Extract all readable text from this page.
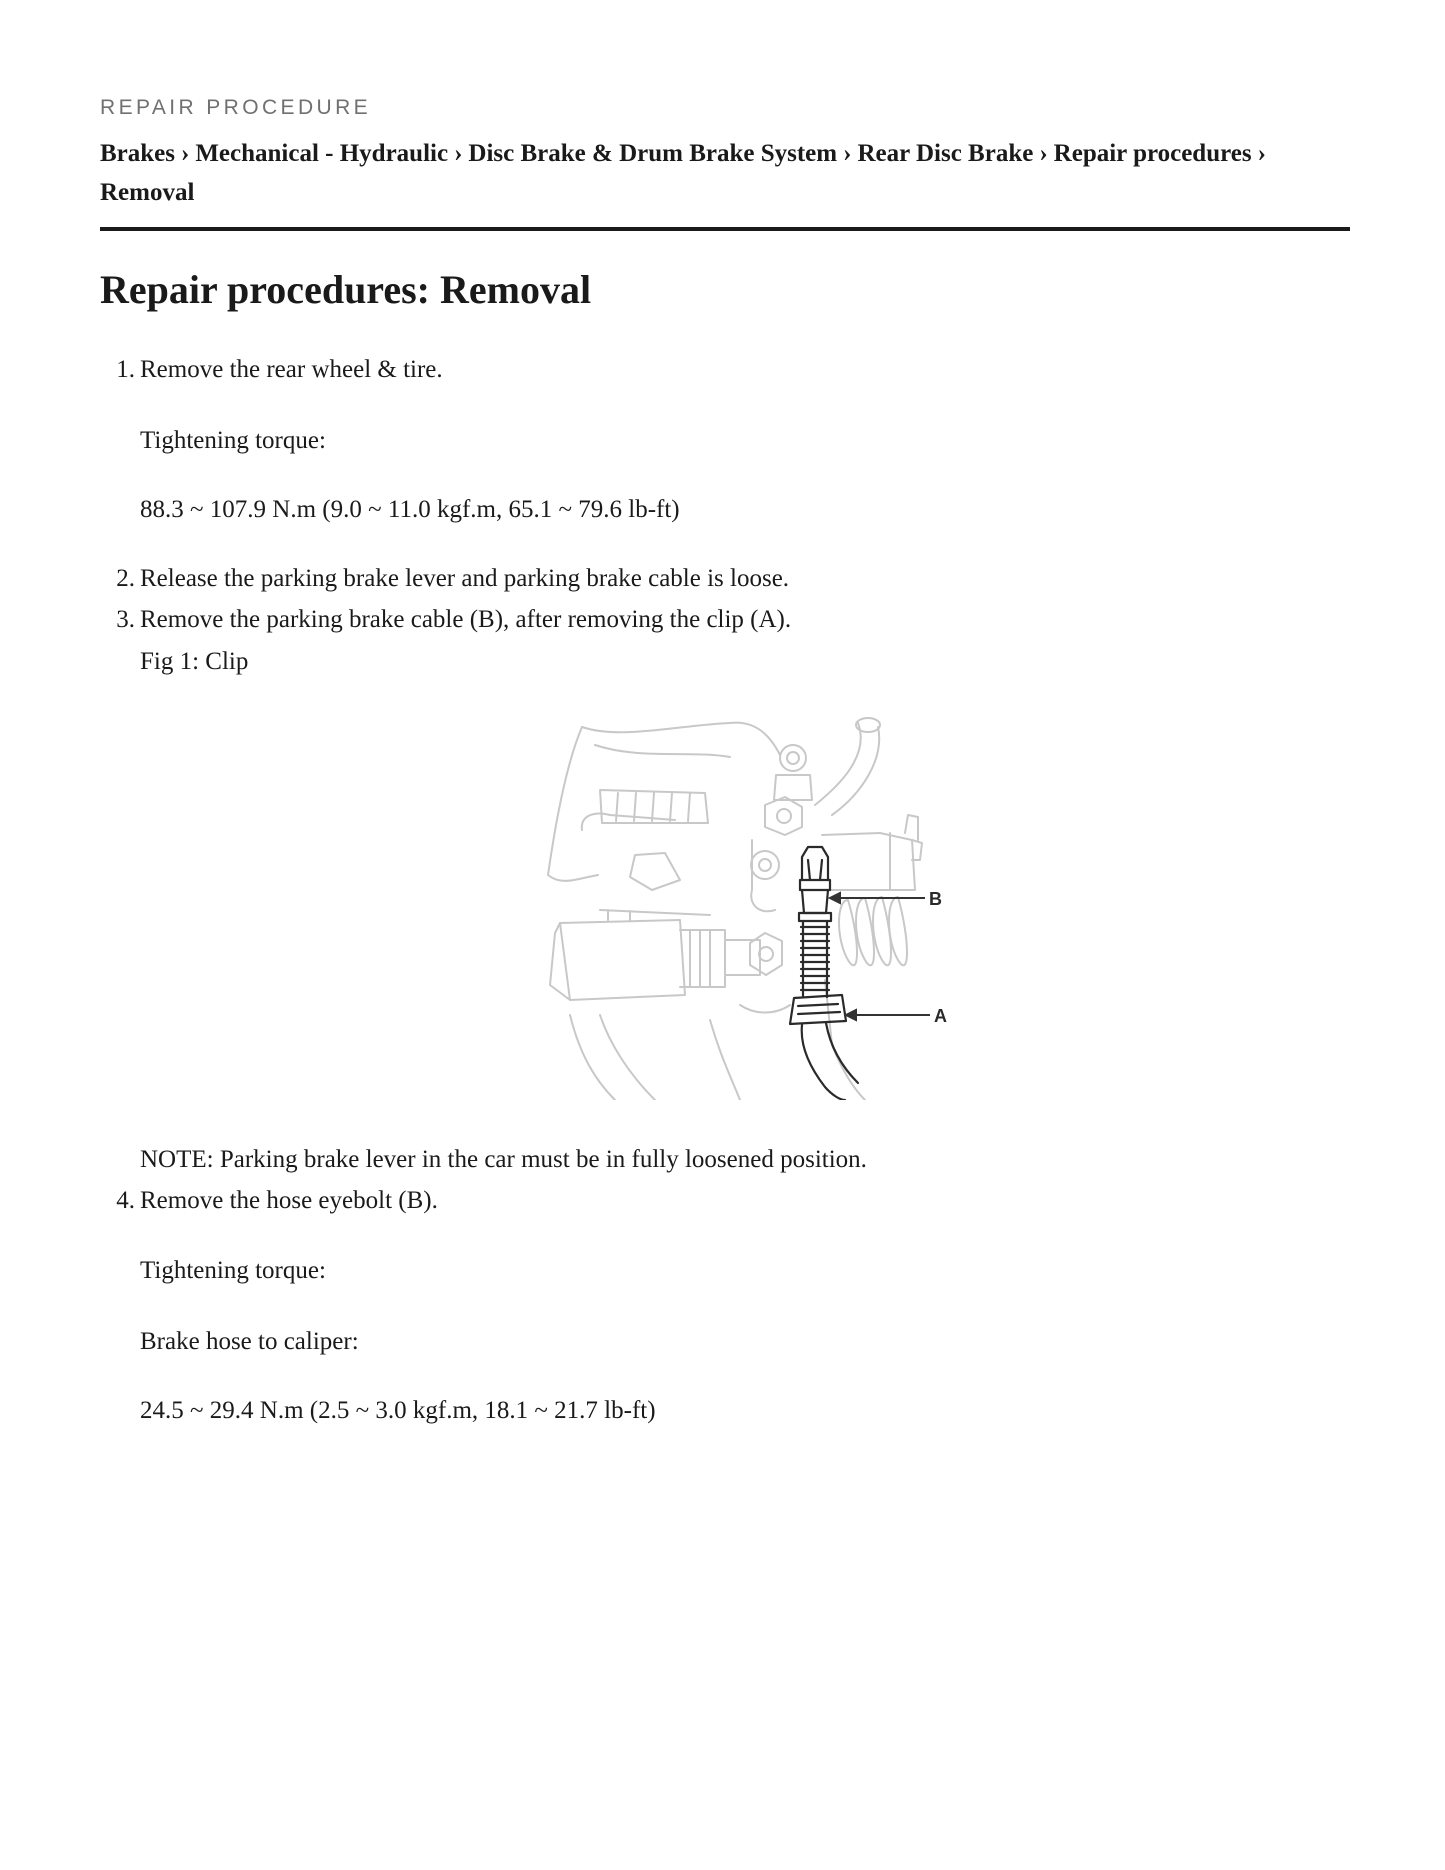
REPAIR PROCEDURE
Brakes › Mechanical - Hydraulic › Disc Brake & Drum Brake System › Rear Disc Brake › Repair procedures ›
Removal
Repair procedures: Removal
1. Remove the rear wheel & tire.
Tightening torque:
88.3 ~ 107.9 N.m (9.0 ~ 11.0 kgf.m, 65.1 ~ 79.6 lb-ft)
2. Release the parking brake lever and parking brake cable is loose.
3. Remove the parking brake cable (B), after removing the clip (A).
Fig 1: Clip
B
A
NOTE: Parking brake lever in the car must be in fully loosened position.
4. Remove the hose eyebolt (B).
Tightening torque:
Brake hose to caliper:
24.5 ~ 29.4 N.m (2.5 ~ 3.0 kgf.m, 18.1 ~ 21.7 lb-ft)
